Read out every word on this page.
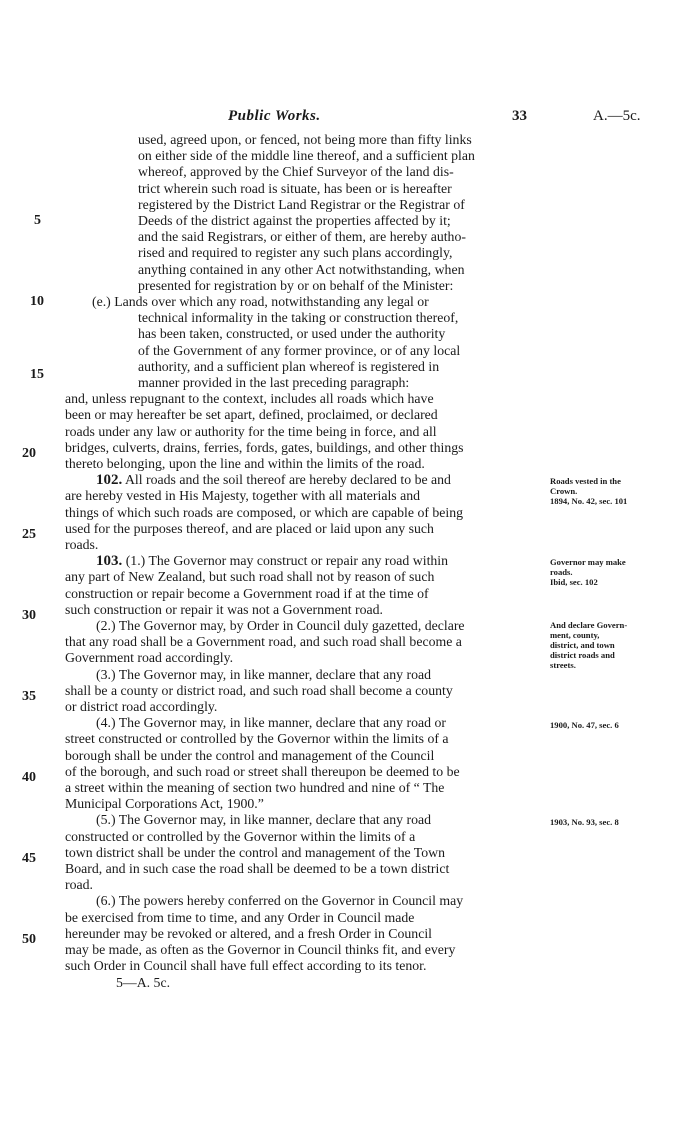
Public Works.	33	A.—5c.
used, agreed upon, or fenced, not being more than fifty links
on either side of the middle line thereof, and a sufficient plan
whereof, approved by the Chief Surveyor of the land dis-
trict wherein such road is situate, has been or is hereafter
registered by the District Land Registrar or the Registrar of
Deeds of the district against the properties affected by it;
and the said Registrars, or either of them, are hereby autho-
rised and required to register any such plans accordingly,
anything contained in any other Act notwithstanding, when
presented for registration by or on behalf of the Minister:
(e.) Lands over which any road, notwithstanding any legal or
technical informality in the taking or construction thereof,
has been taken, constructed, or used under the authority
of the Government of any former province, or of any local
authority, and a sufficient plan whereof is registered in
manner provided in the last preceding paragraph:
and, unless repugnant to the context, includes all roads which have
been or may hereafter be set apart, defined, proclaimed, or declared
roads under any law or authority for the time being in force, and all
bridges, culverts, drains, ferries, fords, gates, buildings, and other things
thereto belonging, upon the line and within the limits of the road.
102. All roads and the soil thereof are hereby declared to be and
are hereby vested in His Majesty, together with all materials and
things of which such roads are composed, or which are capable of being
used for the purposes thereof, and are placed or laid upon any such
roads.
103. (1.) The Governor may construct or repair any road within
any part of New Zealand, but such road shall not by reason of such
construction or repair become a Government road if at the time of
such construction or repair it was not a Government road.
(2.) The Governor may, by Order in Council duly gazetted, declare
that any road shall be a Government road, and such road shall become a
Government road accordingly.
(3.) The Governor may, in like manner, declare that any road
shall be a county or district road, and such road shall become a county
or district road accordingly.
(4.) The Governor may, in like manner, declare that any road or
street constructed or controlled by the Governor within the limits of a
borough shall be under the control and management of the Council
of the borough, and such road or street shall thereupon be deemed to be
a street within the meaning of section two hundred and nine of “ The
Municipal Corporations Act, 1900.”
(5.) The Governor may, in like manner, declare that any road
constructed or controlled by the Governor within the limits of a
town district shall be under the control and management of the Town
Board, and in such case the road shall be deemed to be a town district
road.
(6.) The powers hereby conferred on the Governor in Council may
be exercised from time to time, and any Order in Council made
hereunder may be revoked or altered, and a fresh Order in Council
may be made, as often as the Governor in Council thinks fit, and every
such Order in Council shall have full effect according to its tenor.
5—A. 5c.
5
10
15
20
25
30
35
40
45
50
Roads vested in the
Crown.
1894, No. 42, sec. 101
Governor may make
roads.
Ibid, sec. 102
And declare Govern-
ment, county,
district, and town
district roads and
streets.
1900, No. 47, sec. 6
1903, No. 93, sec. 8
